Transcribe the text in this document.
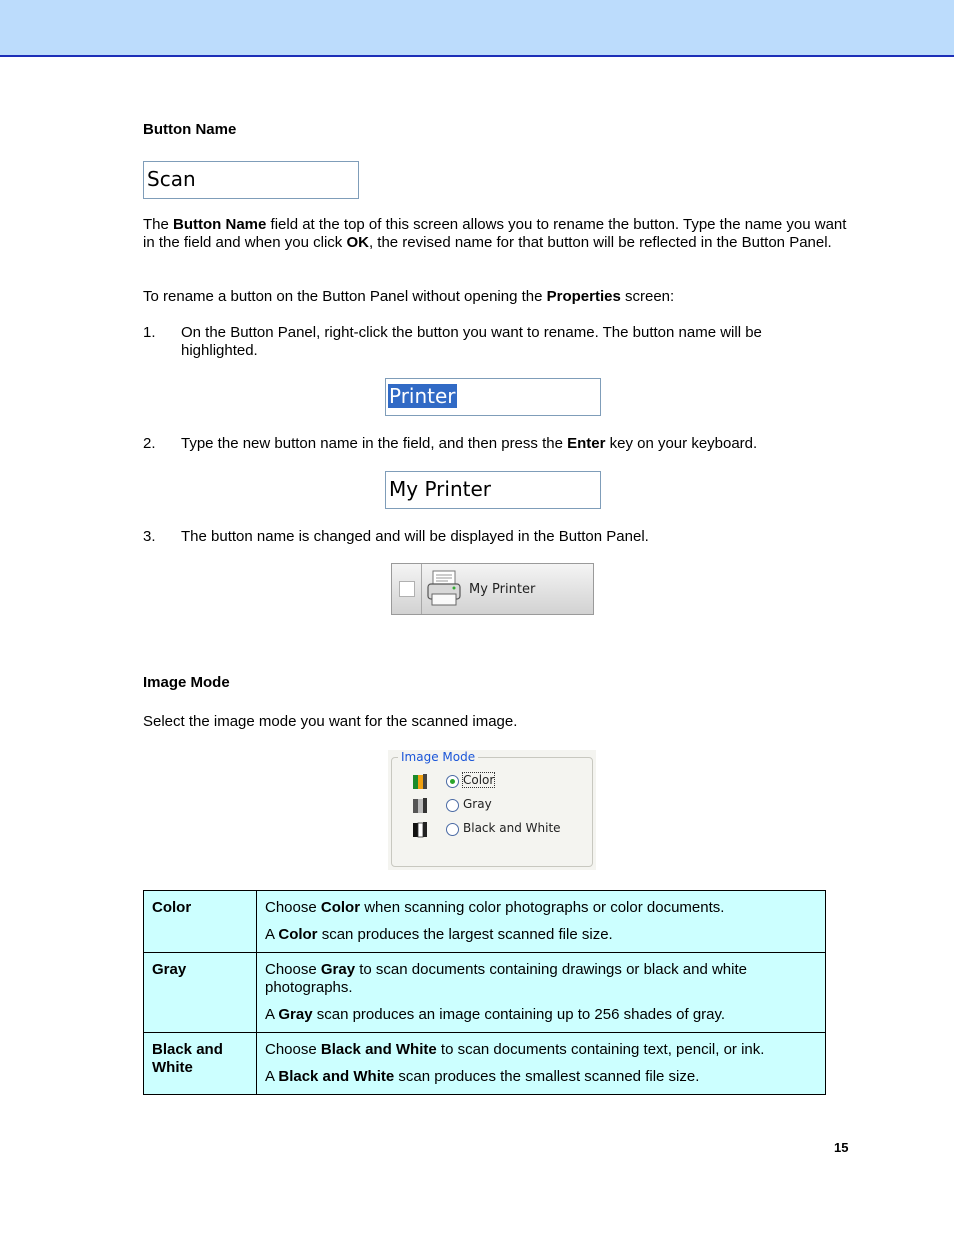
Button Name
Scan
The Button Name field at the top of this screen allows you to rename the button. Type the name you want in the field and when you click OK, the revised name for that button will be reflected in the Button Panel.
To rename a button on the Button Panel without opening the Properties screen:
1.	On the Button Panel, right-click the button you want to rename. The button name will be highlighted.
Printer
2.	Type the new button name in the field, and then press the Enter key on your keyboard.
My Printer
3.	The button name is changed and will be displayed in the Button Panel.
My Printer
Image Mode
Select the image mode you want for the scanned image.
Image Mode
Color
Gray
Black and White
Color	Choose Color when scanning color photographs or color documents.

A Color scan produces the largest scanned file size.

Gray	Choose Gray to scan documents containing drawings or black and white photographs.

A Gray scan produces an image containing up to 256 shades of gray.

Black and White	Choose Black and White to scan documents containing text, pencil, or ink.

A Black and White scan produces the smallest scanned file size.

15
